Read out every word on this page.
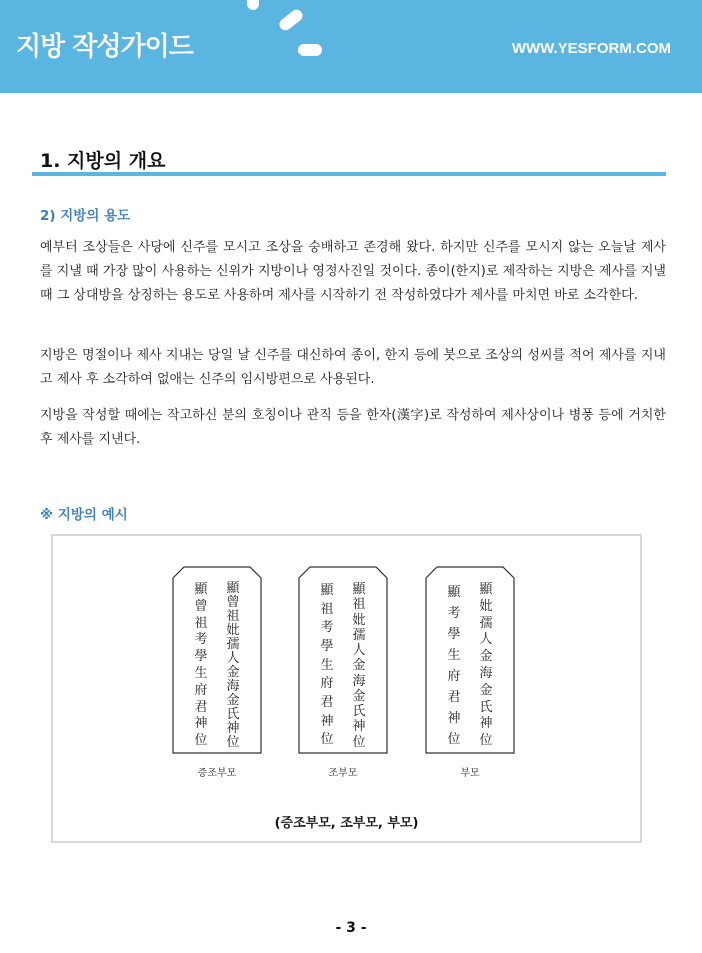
지방 작성가이드	WWW.YESFORM.COM
1. 지방의 개요
2) 지방의 용도
예부터 조상들은 사당에 신주를 모시고 조상을 숭배하고 존경해 왔다. 하지만 신주를 모시지 않는 오늘날 제사를 지낼 때 가장 많이 사용하는 신위가 지방이나 영정사진일 것이다. 종이(한지)로 제작하는 지방은 제사를 지낼 때 그 상대방을 상징하는 용도로 사용하며 제사를 시작하기 전 작성하였다가 제사를 마치면 바로 소각한다.
지방은 명절이나 제사 지내는 당일 날 신주를 대신하여 종이, 한지 등에 붓으로 조상의 성씨를 적어 제사를 지내고 제사 후 소각하여 없애는 신주의 임시방편으로 사용된다.
지방을 작성할 때에는 작고하신 분의 호칭이나 관직 등을 한자(漢字)로 작성하여 제사상이나 병풍 등에 거치한 후 제사를 지낸다.
※ 지방의 예시
顯
曾
祖
考
學
生
府
君
神
位
顯
曾
祖
妣
孺
人
金
海
金
氏
神
位
증조부모
顯
祖
考
學
生
府
君
神
位
顯
祖
妣
孺
人
金
海
金
氏
神
位
조부모
顯
考
學
生
府
君
神
位
顯
妣
孺
人
金
海
金
氏
神
位
부모
(증조부모, 조부모, 부모)
- 3 -
